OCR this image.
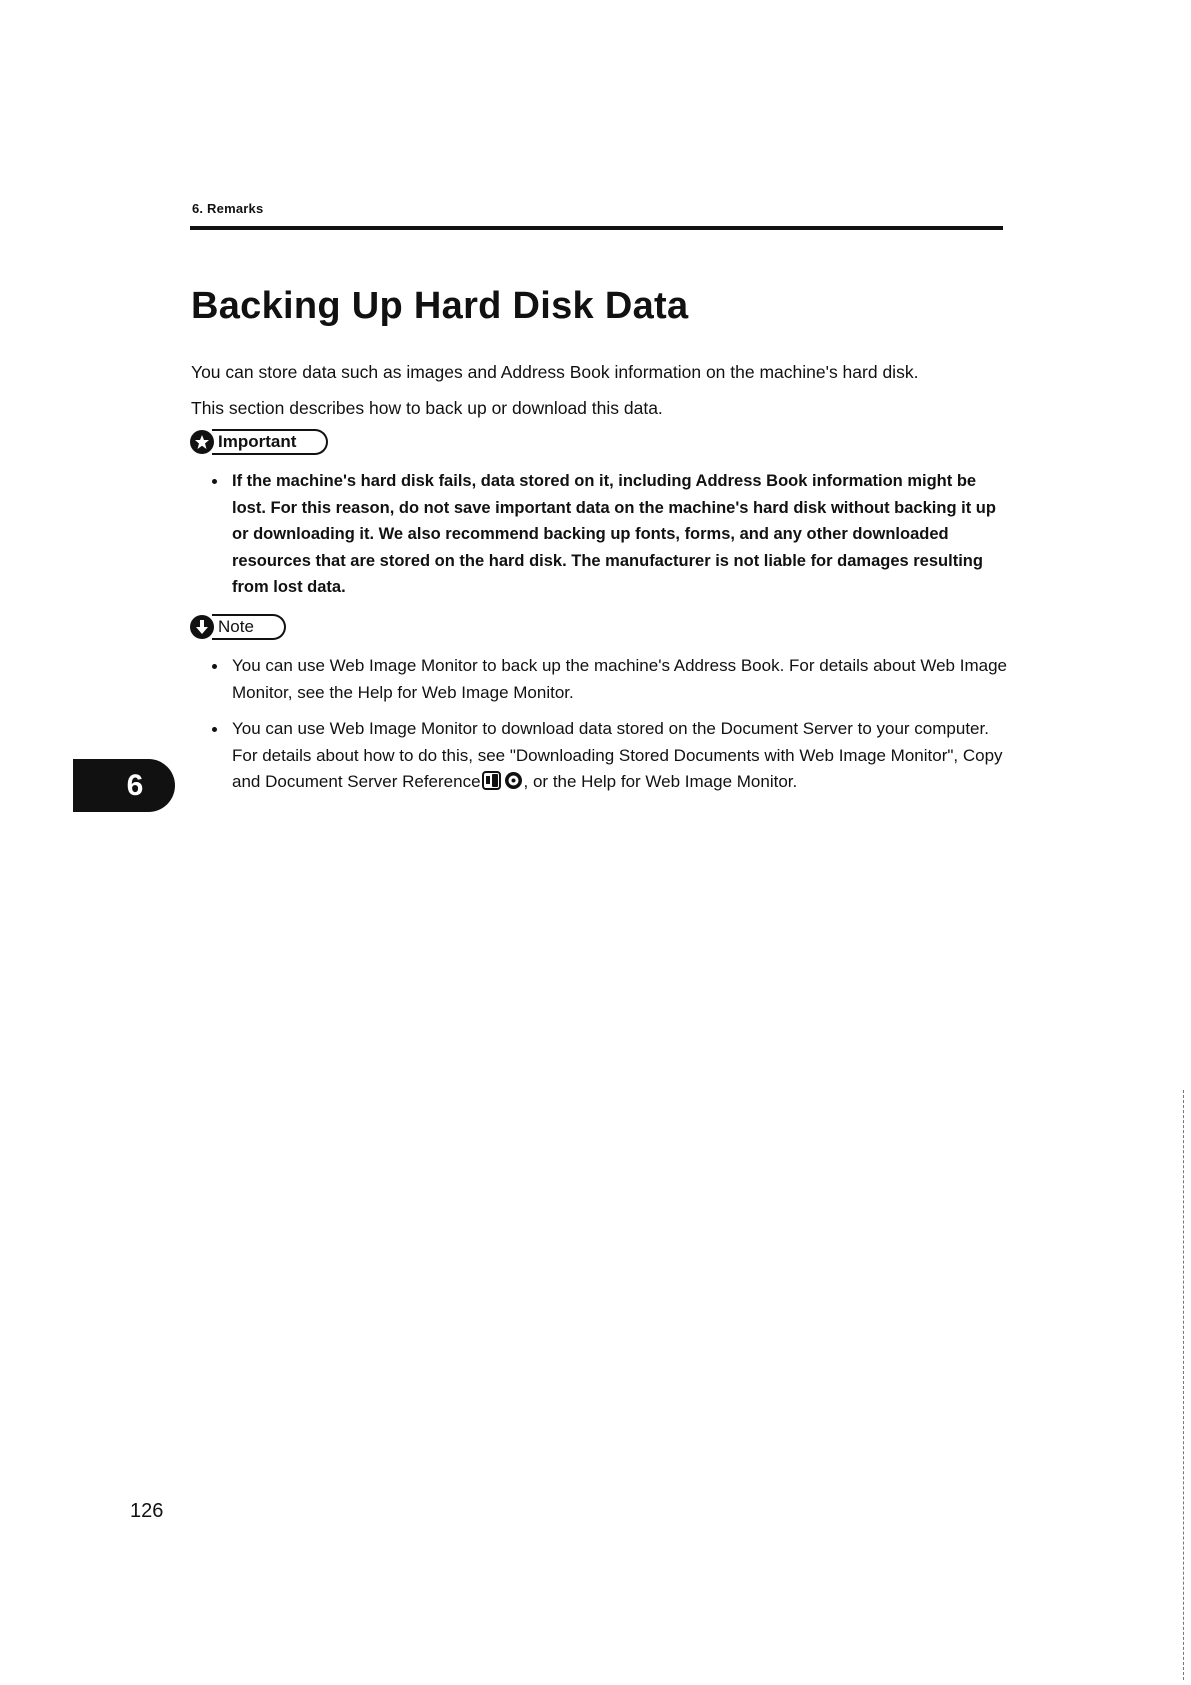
6. Remarks
Backing Up Hard Disk Data

You can store data such as images and Address Book information on the machine's hard disk.

This section describes how to back up or download this data.

Important
If the machine's hard disk fails, data stored on it, including Address Book information might be lost. For this reason, do not save important data on the machine's hard disk without backing it up or downloading it. We also recommend backing up fonts, forms, and any other downloaded resources that are stored on the hard disk. The manufacturer is not liable for damages resulting from lost data.
Note
You can use Web Image Monitor to back up the machine's Address Book. For details about Web Image Monitor, see the Help for Web Image Monitor.
You can use Web Image Monitor to download data stored on the Document Server to your computer. For details about how to do this, see "Downloading Stored Documents with Web Image Monitor", Copy and Document Server Reference	, or the Help for Web Image Monitor.
6
126
